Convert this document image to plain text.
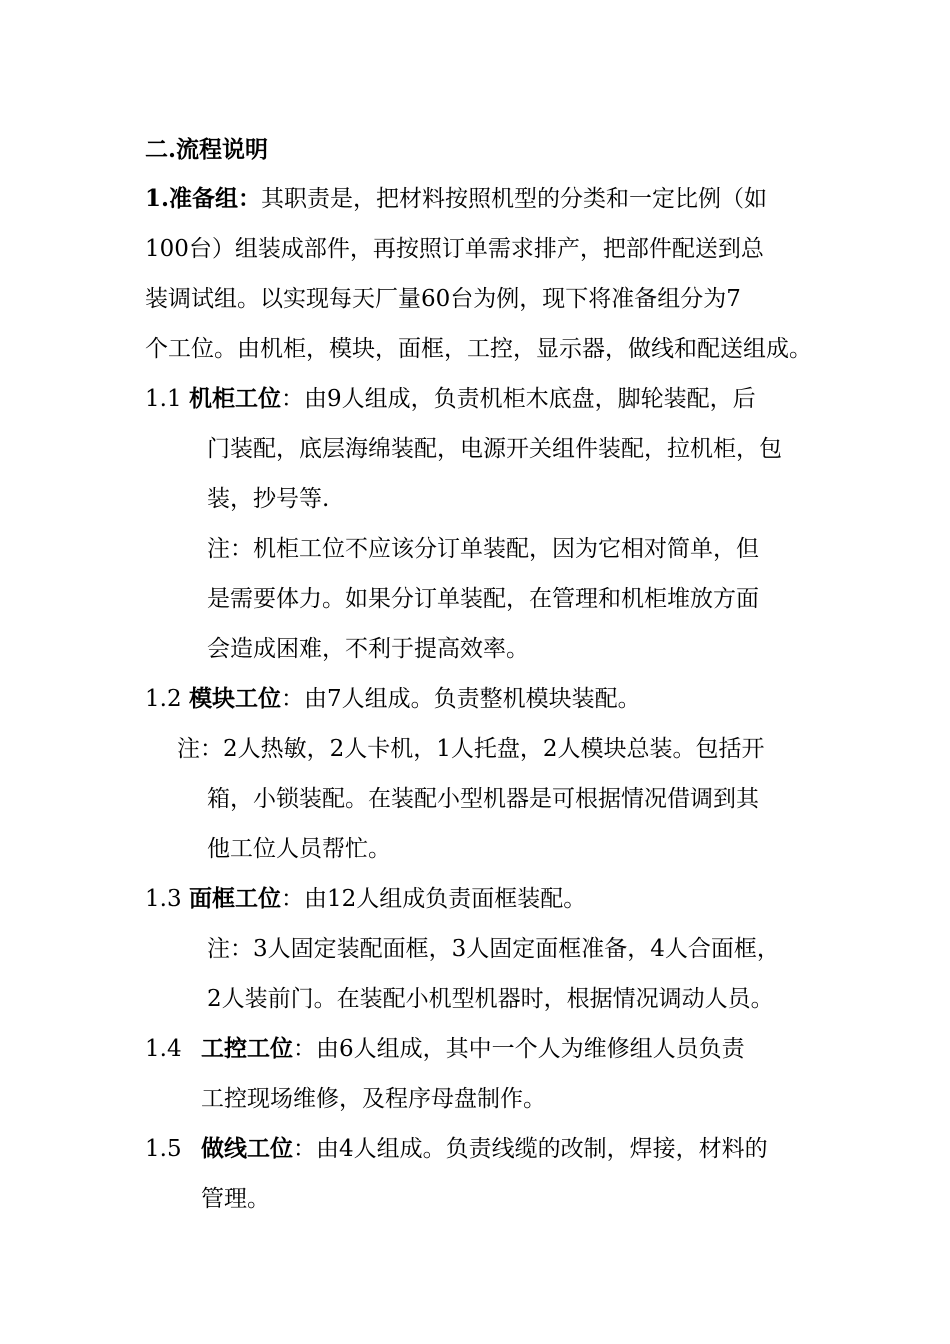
二.流程说明
1.准备组：其职责是，把材料按照机型的分类和一定比例（如
100台）组装成部件，再按照订单需求排产，把部件配送到总
装调试组。以实现每天厂量60台为例，现下将准备组分为7
个工位。由机柜，模块，面框，工控，显示器，做线和配送组成。
1.1 机柜工位：由9人组成，负责机柜木底盘，脚轮装配，后
门装配，底层海绵装配，电源开关组件装配，拉机柜，包
装，抄号等.
注：机柜工位不应该分订单装配，因为它相对简单，但
是需要体力。如果分订单装配，在管理和机柜堆放方面
会造成困难，不利于提高效率。
1.2 模块工位：由7人组成。负责整机模块装配。
注：2人热敏，2人卡机，1人托盘，2人模块总装。包括开
箱，小锁装配。在装配小型机器是可根据情况借调到其
他工位人员帮忙。
1.3 面框工位：由12人组成负责面框装配。
注：3人固定装配面框，3人固定面框准备，4人合面框，
2人装前门。在装配小机型机器时，根据情况调动人员。
1.4 工控工位：由6人组成，其中一个人为维修组人员负责
工控现场维修，及程序母盘制作。
1.5 做线工位：由4人组成。负责线缆的改制，焊接，材料的
管理。
